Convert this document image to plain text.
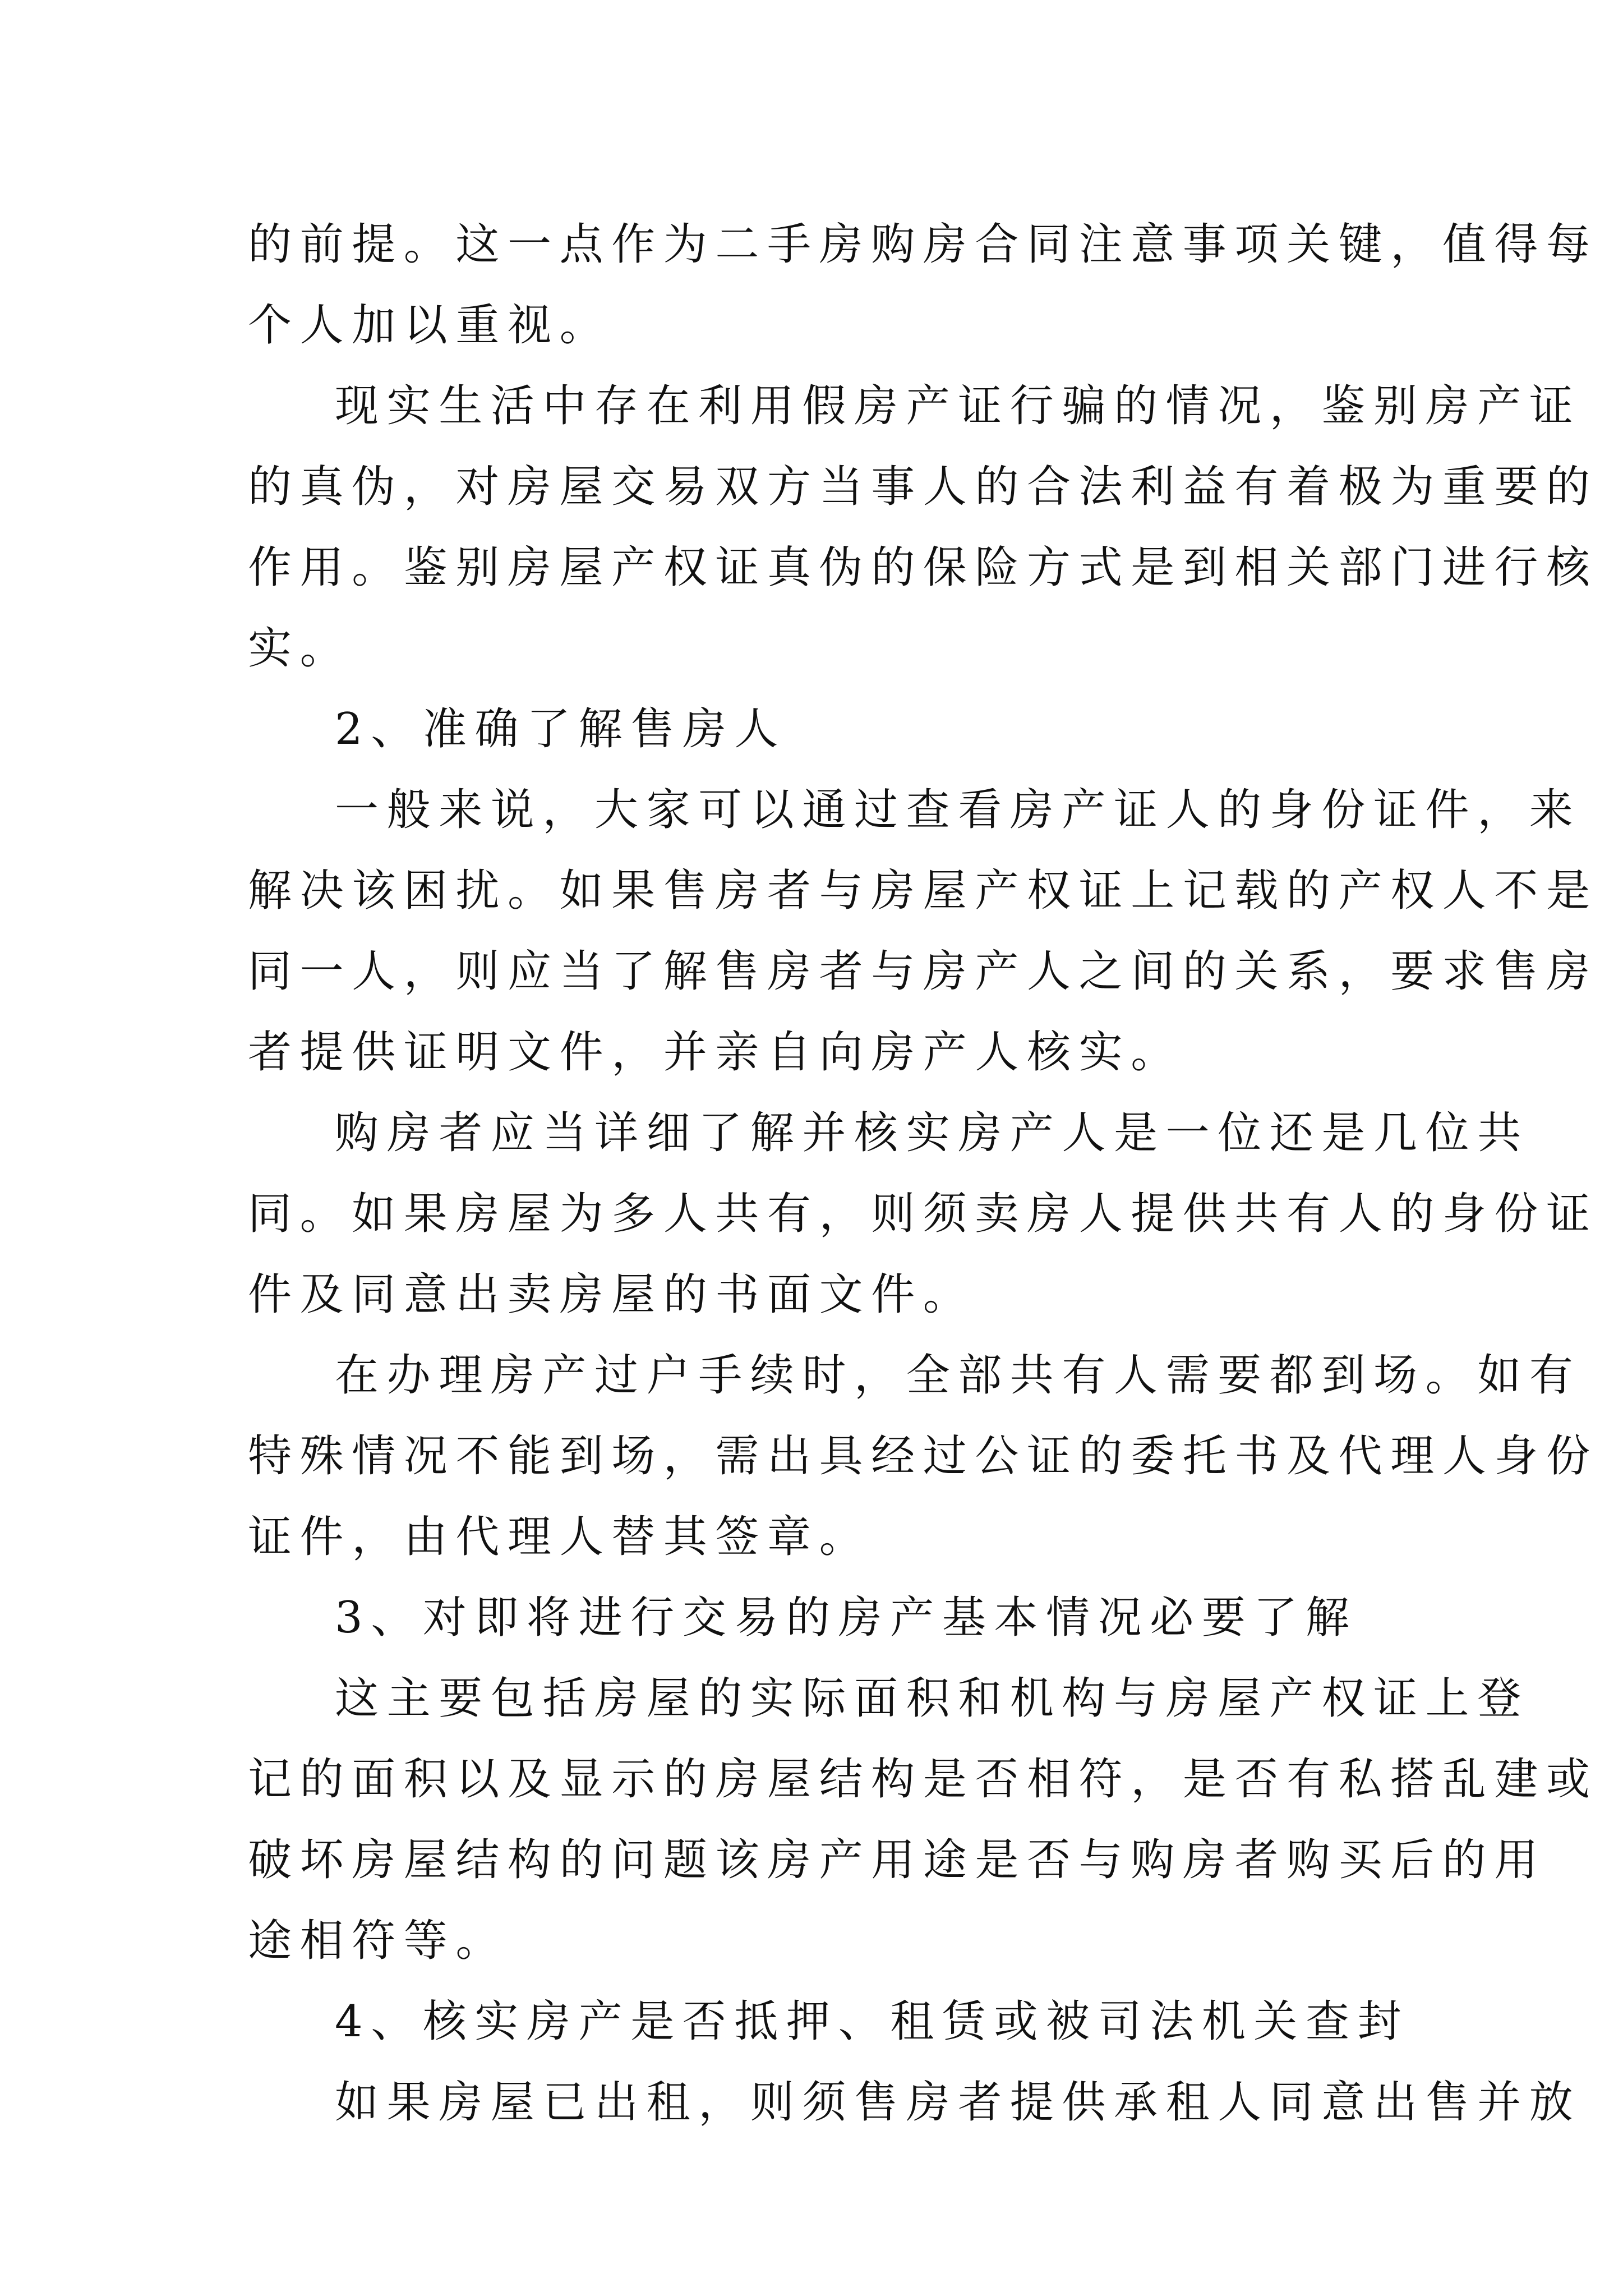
的前提。这一点作为二手房购房合同注意事项关键，值得每
个人加以重视。
现实生活中存在利用假房产证行骗的情况，鉴别房产证
的真伪，对房屋交易双方当事人的合法利益有着极为重要的
作用。鉴别房屋产权证真伪的保险方式是到相关部门进行核
实。
2、准确了解售房人
一般来说，大家可以通过查看房产证人的身份证件，来
解决该困扰。如果售房者与房屋产权证上记载的产权人不是
同一人，则应当了解售房者与房产人之间的关系，要求售房
者提供证明文件，并亲自向房产人核实。
购房者应当详细了解并核实房产人是一位还是几位共
同。如果房屋为多人共有，则须卖房人提供共有人的身份证
件及同意出卖房屋的书面文件。
在办理房产过户手续时，全部共有人需要都到场。如有
特殊情况不能到场，需出具经过公证的委托书及代理人身份
证件，由代理人替其签章。
3、对即将进行交易的房产基本情况必要了解
这主要包括房屋的实际面积和机构与房屋产权证上登
记的面积以及显示的房屋结构是否相符，是否有私搭乱建或
破坏房屋结构的问题该房产用途是否与购房者购买后的用
途相符等。
4、核实房产是否抵押、租赁或被司法机关查封
如果房屋已出租，则须售房者提供承租人同意出售并放
